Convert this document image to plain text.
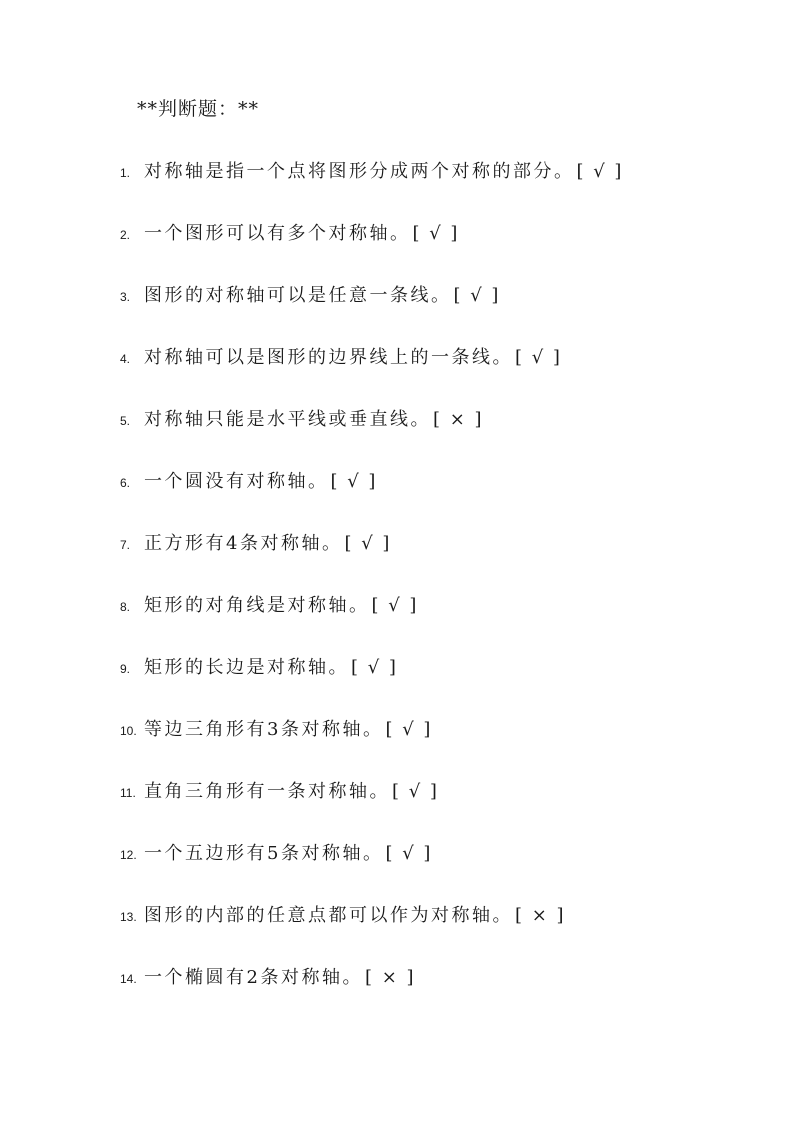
**判断题：**
1. 对称轴是指一个点将图形分成两个对称的部分。 [ √ ]
2. 一个图形可以有多个对称轴。 [ √ ]
3. 图形的对称轴可以是任意一条线。 [ √ ]
4. 对称轴可以是图形的边界线上的一条线。 [ √ ]
5. 对称轴只能是水平线或垂直线。 [ × ]
6. 一个圆没有对称轴。 [ √ ]
7. 正方形有4条对称轴。 [ √ ]
8. 矩形的对角线是对称轴。 [ √ ]
9. 矩形的长边是对称轴。 [ √ ]
10. 等边三角形有3条对称轴。 [ √ ]
11. 直角三角形有一条对称轴。 [ √ ]
12. 一个五边形有5条对称轴。 [ √ ]
13. 图形的内部的任意点都可以作为对称轴。 [ × ]
14. 一个椭圆有2条对称轴。 [ × ]
